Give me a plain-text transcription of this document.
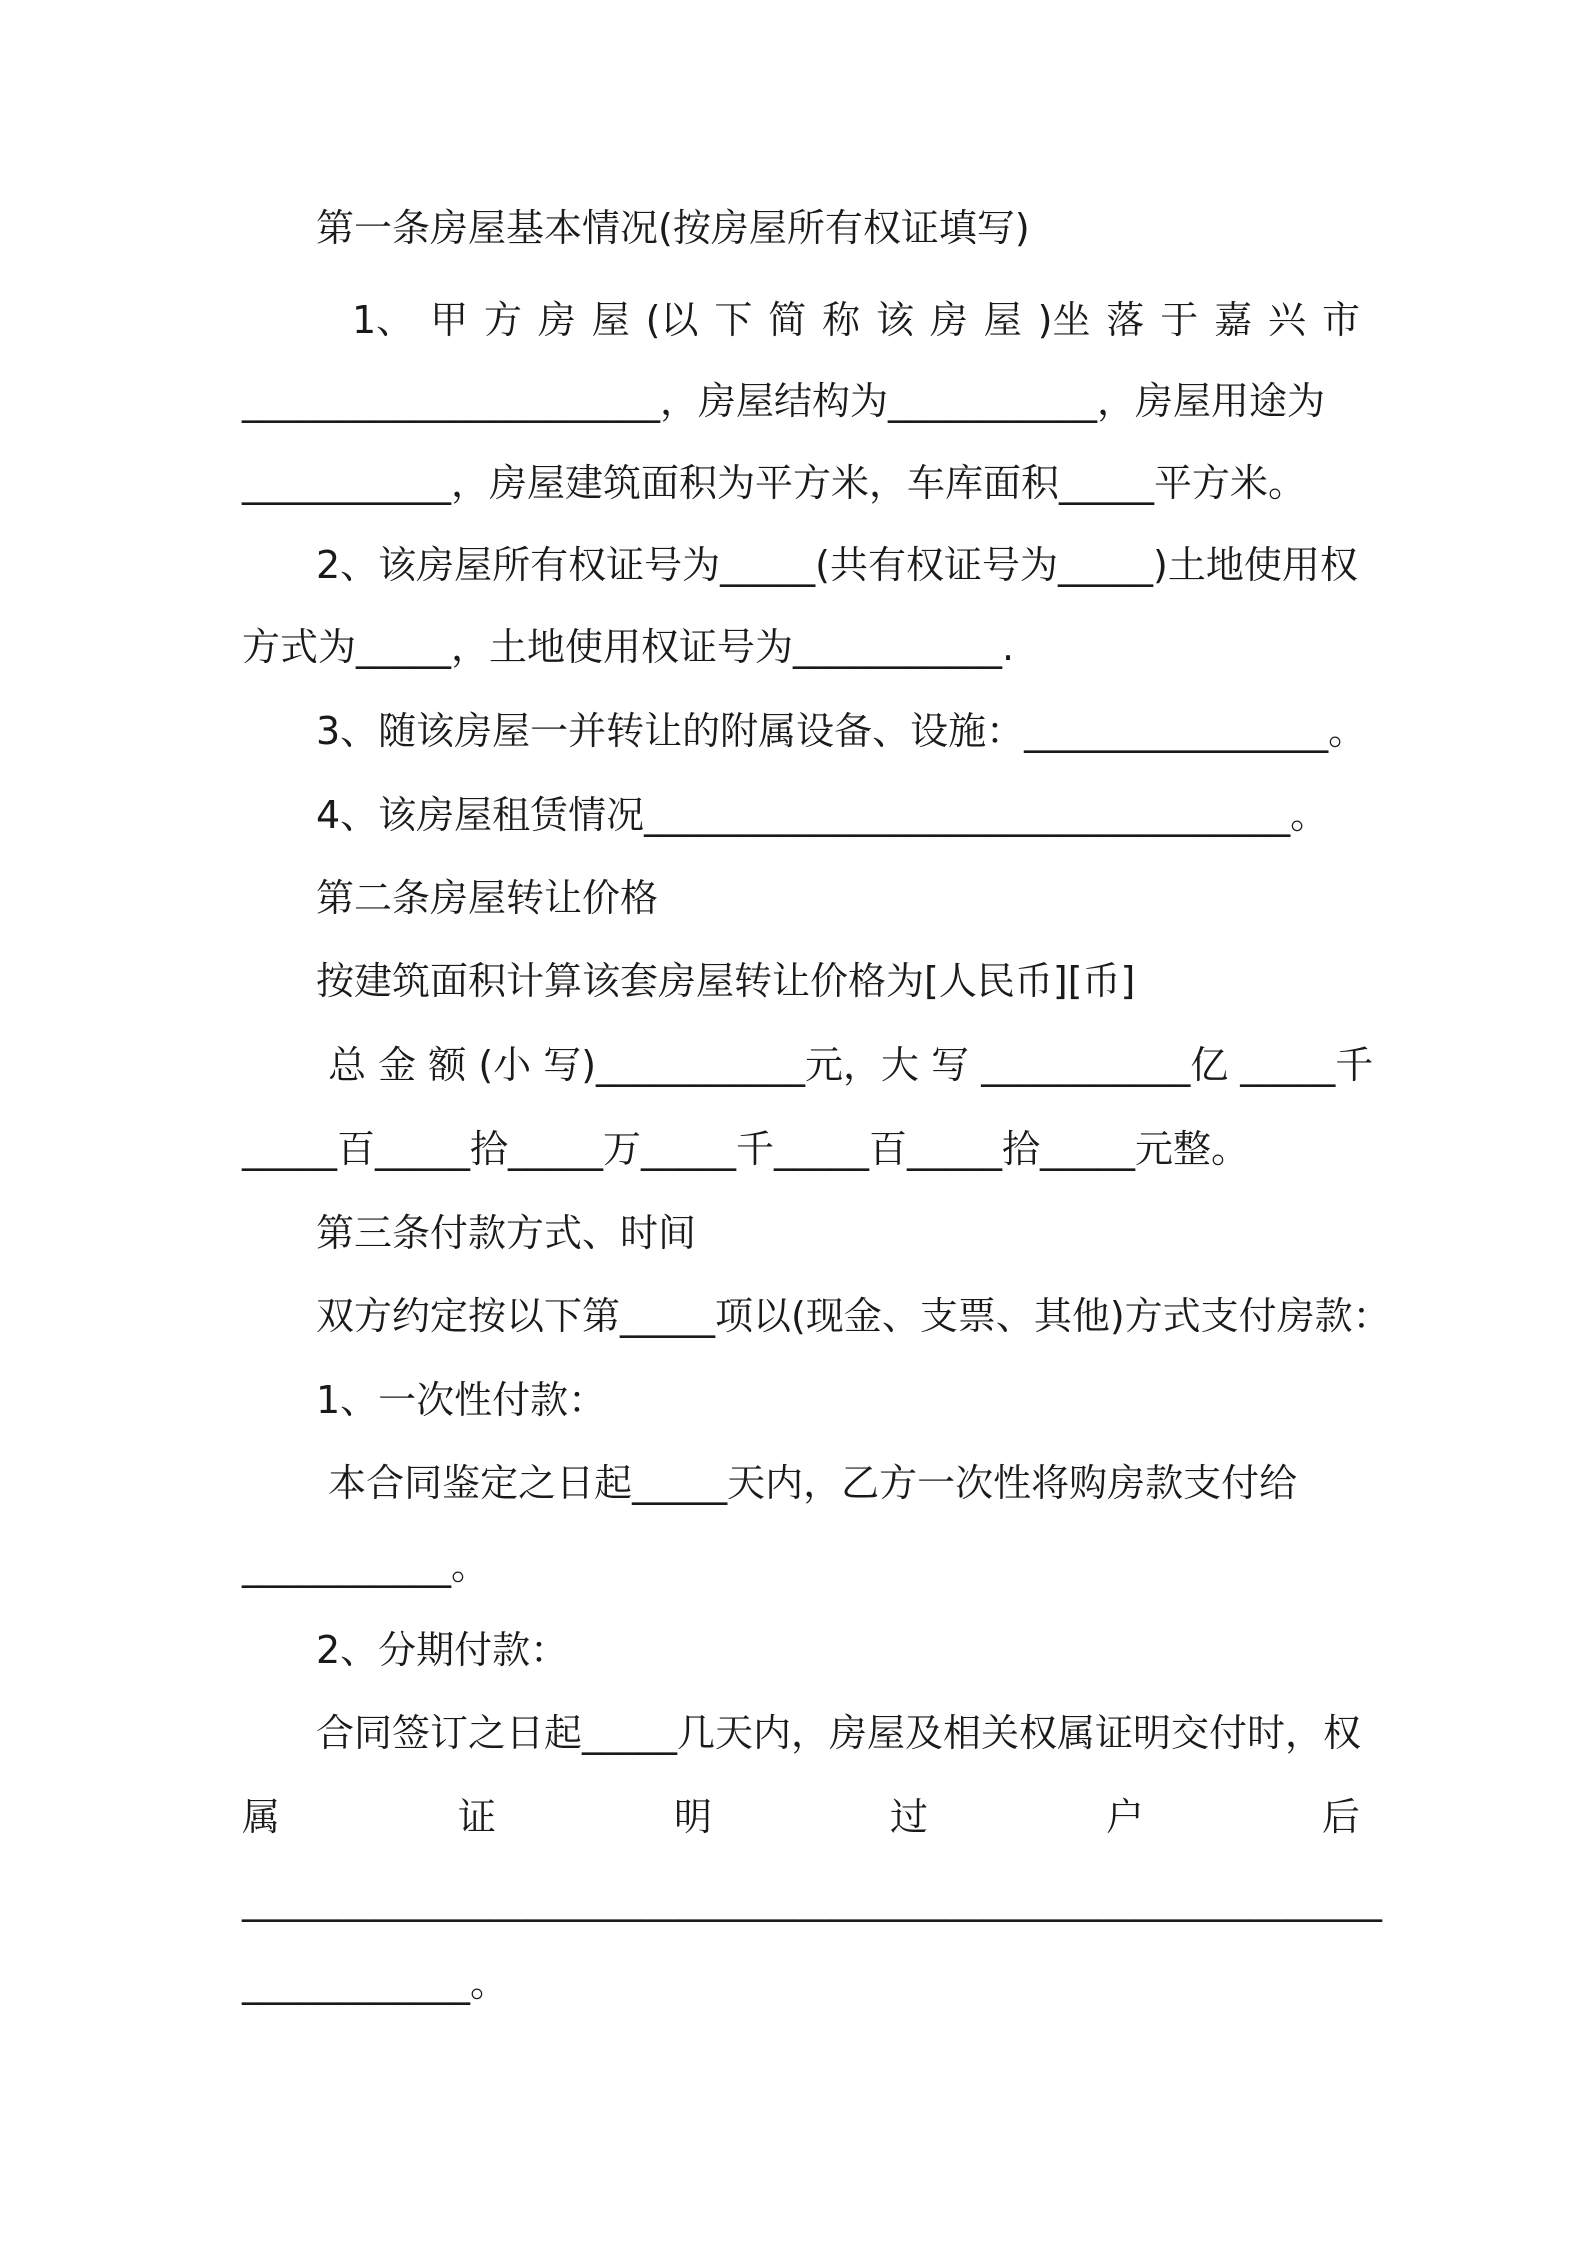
第一条房屋基本情况(按房屋所有权证填写)

1、 甲 方 房 屋 (以 下 简 称 该 房 屋 )坐 落 于 嘉 兴 市

______________________，房屋结构为___________，房屋用途为

___________，房屋建筑面积为平方米，车库面积_____平方米。

2、该房屋所有权证号为_____(共有权证号为_____)土地使用权

方式为_____，土地使用权证号为___________.

3、随该房屋一并转让的附属设备、设施：________________。

4、该房屋租赁情况__________________________________。

第二条房屋转让价格

按建筑面积计算该套房屋转让价格为[人民币][币]

总 金 额 (小 写)___________元，大 写 ___________亿 _____千

_____百_____拾_____万_____千_____百_____拾_____元整。

第三条付款方式、时间

双方约定按以下第_____项以(现金、支票、其他)方式支付房款：

1、一次性付款：

本合同鉴定之日起_____天内，乙方一次性将购房款支付给

___________。

2、分期付款：

合同签订之日起_____几天内，房屋及相关权属证明交付时，权

属	证	明	过	户	后

____________________________________________________________

____________。
